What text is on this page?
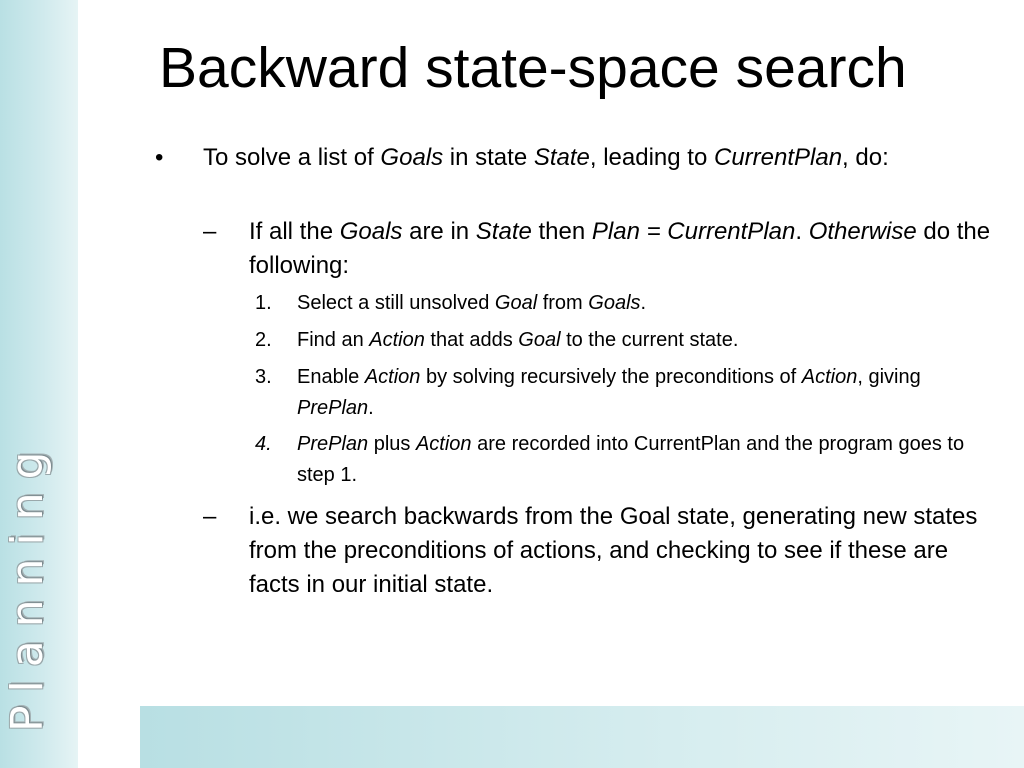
Planning
Backward state-space search
• To solve a list of Goals in state State, leading to CurrentPlan, do:

– If all the Goals are in State then Plan = CurrentPlan. Otherwise do the following:

1. Select a still unsolved Goal from Goals.

2. Find an Action that adds Goal to the current state.

3. Enable Action by solving recursively the preconditions of Action, giving PrePlan.

4. PrePlan plus Action are recorded into CurrentPlan and the program goes to step 1.

– i.e. we search backwards from the Goal state, generating new states from the preconditions of actions, and checking to see if these are facts in our initial state.
